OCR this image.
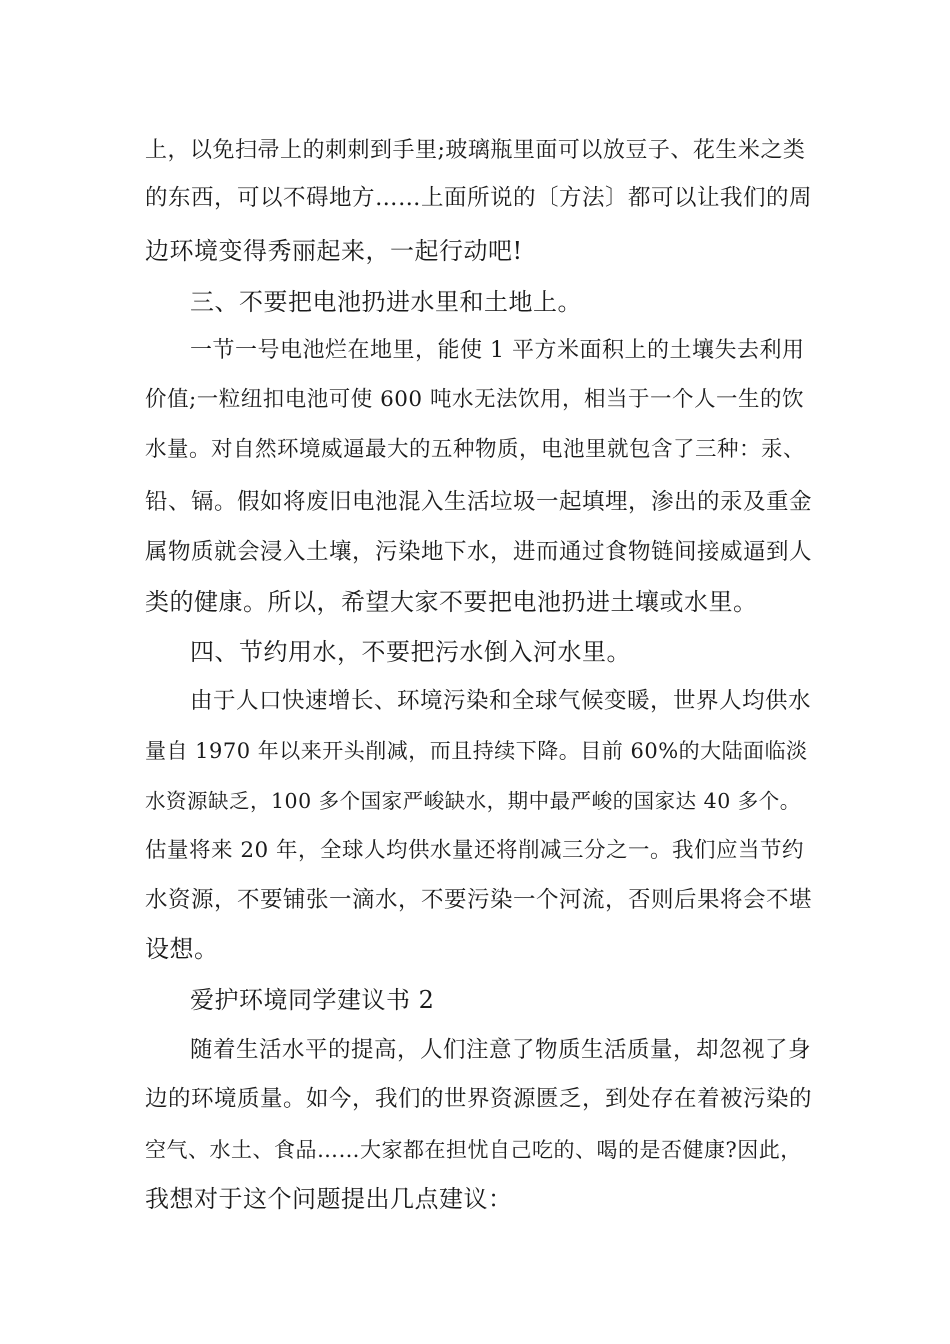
上，以免扫帚上的刺刺到手里;玻璃瓶里面可以放豆子、花生米之类
的东西，可以不碍地方……上面所说的〔方法〕都可以让我们的周
边环境变得秀丽起来，一起行动吧!
三、不要把电池扔进水里和土地上。
一节一号电池烂在地里，能使 1 平方米面积上的土壤失去利用
价值;一粒纽扣电池可使 600 吨水无法饮用，相当于一个人一生的饮
水量。对自然环境威逼最大的五种物质，电池里就包含了三种：汞、
铅、镉。假如将废旧电池混入生活垃圾一起填埋，渗出的汞及重金
属物质就会浸入土壤，污染地下水，进而通过食物链间接威逼到人
类的健康。所以，希望大家不要把电池扔进土壤或水里。
四、节约用水，不要把污水倒入河水里。
由于人口快速增长、环境污染和全球气候变暖，世界人均供水
量自 1970 年以来开头削减，而且持续下降。目前 60%的大陆面临淡
水资源缺乏，100 多个国家严峻缺水，期中最严峻的国家达 40 多个。
估量将来 20 年，全球人均供水量还将削减三分之一。我们应当节约
水资源，不要铺张一滴水，不要污染一个河流，否则后果将会不堪
设想。
爱护环境同学建议书 2
随着生活水平的提高，人们注意了物质生活质量，却忽视了身
边的环境质量。如今，我们的世界资源匮乏，到处存在着被污染的
空气、水土、食品……大家都在担忧自己吃的、喝的是否健康?因此，
我想对于这个问题提出几点建议：
